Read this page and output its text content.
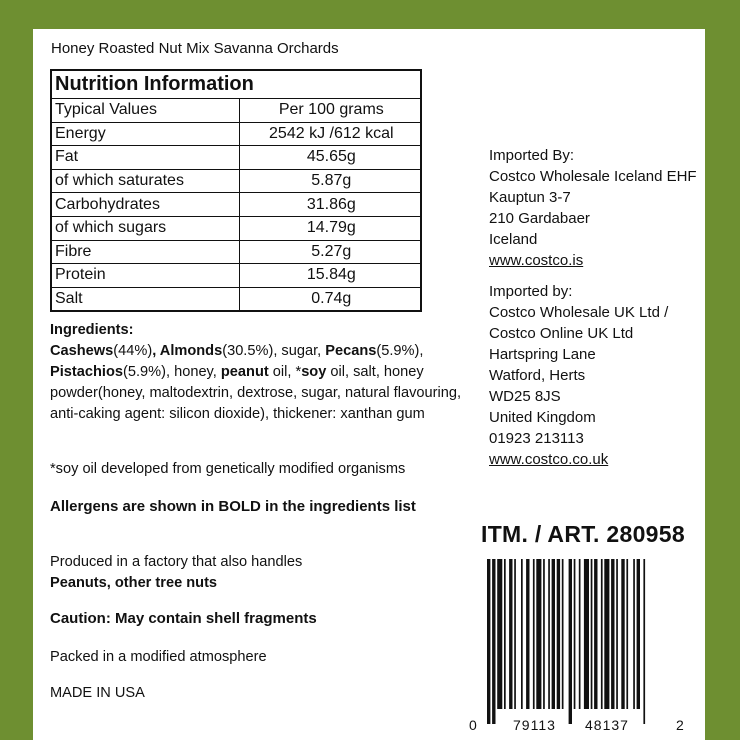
Honey Roasted Nut Mix Savanna Orchards
Nutrition Information	
Typical Values	Per 100 grams
Energy	2542 kJ /612 kcal
Fat	45.65g
of which saturates	5.87g
Carbohydrates	31.86g
of which sugars	14.79g
Fibre	5.27g
Protein	15.84g
Salt	0.74g
Ingredients:
Cashews(44%), Almonds(30.5%), sugar, Pecans(5.9%), Pistachios(5.9%), honey, peanut oil, *soy oil, salt, honey powder(honey, maltodextrin, dextrose, sugar, natural flavouring, anti-caking agent: silicon dioxide), thickener: xanthan gum
*soy oil developed from genetically modified organisms
Allergens are shown in BOLD in the ingredients list
Produced in a factory that also handles
Peanuts, other tree nuts
Caution: May contain shell fragments
Packed in a modified atmosphere
MADE IN USA
Imported By:
Costco Wholesale Iceland EHF
Kauptun 3-7
210 Gardabaer
Iceland
www.costco.is
Imported by:
Costco Wholesale UK Ltd /
Costco Online UK Ltd
Hartspring Lane
Watford, Herts
WD25 8JS
United Kingdom
01923 213113
www.costco.co.uk
ITM. / ART. 280958
0	79113 48137	2
